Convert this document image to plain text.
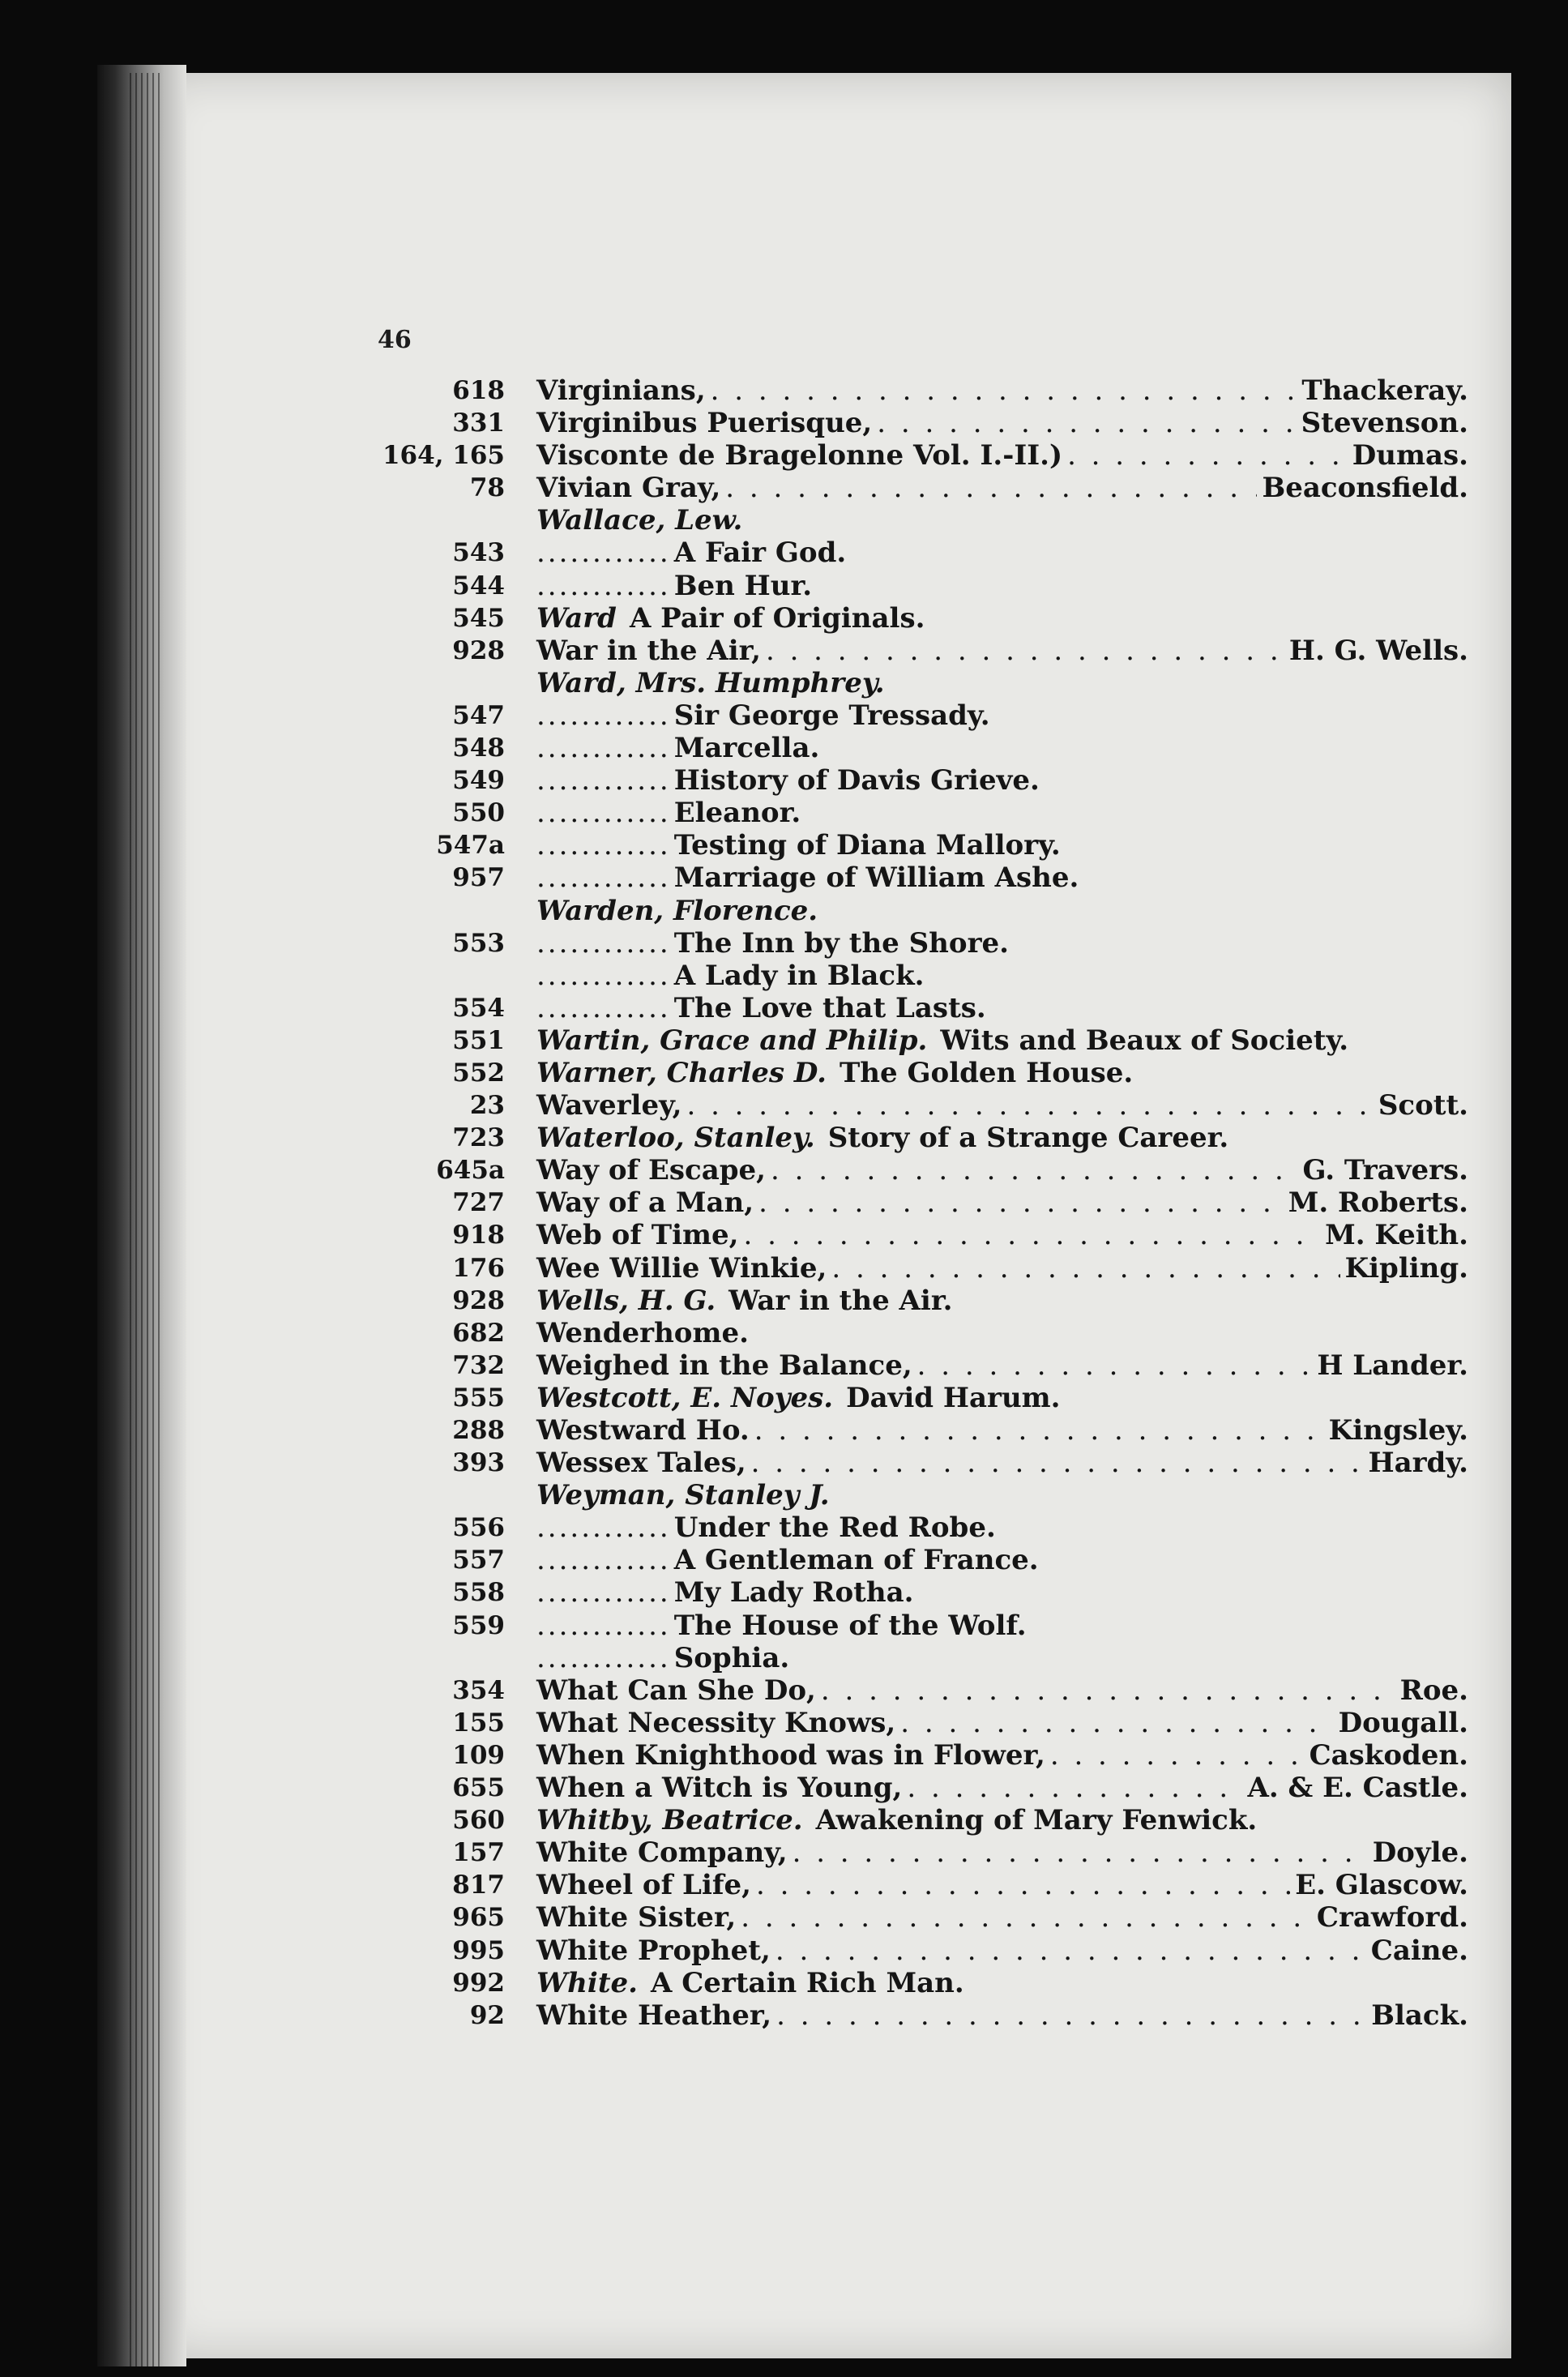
46
618 Virginians, . . .	Thackeray.
331 Virginibus Puerisque, . . .	Stevenson.
164, 165 Visconte de Bragelonne Vol. I.-II.) . . .	Dumas.
78 Vivian Gray, . . .	Beaconsfield.
Wallace, Lew.
543 ............ A Fair God.
544 ............ Ben Hur.
545 Ward A Pair of Originals.
928 War in the Air, . . .	H. G. Wells.
Ward, Mrs. Humphrey.
547 ............ Sir George Tressady.
548 ............ Marcella.
549 ............ History of Davis Grieve.
550 ............ Eleanor.
547a ............ Testing of Diana Mallory.
957 ............ Marriage of William Ashe.
Warden, Florence.
553 ............ The Inn by the Shore.
............ A Lady in Black.
554 ............ The Love that Lasts.
551 Wartin, Grace and Philip. Wits and Beaux of Society.
552 Warner, Charles D. The Golden House.
23 Waverley, . . .	Scott.
723 Waterloo, Stanley. Story of a Strange Career.
645a Way of Escape, . . .	G. Travers.
727 Way of a Man, . . .	M. Roberts.
918 Web of Time, . . .	M. Keith.
176 Wee Willie Winkie, . . .	Kipling.
928 Wells, H. G. War in the Air.
682 Wenderhome.
732 Weighed in the Balance, . . .	H Lander.
555 Westcott, E. Noyes. David Harum.
288 Westward Ho. . . .	Kingsley.
393 Wessex Tales, . . .	Hardy.
Weyman, Stanley J.
556 ............ Under the Red Robe.
557 ............ A Gentleman of France.
558 ............ My Lady Rotha.
559 ............ The House of the Wolf.
............ Sophia.
354 What Can She Do, . . .	Roe.
155 What Necessity Knows, . . .	Dougall.
109 When Knighthood was in Flower, . . .	Caskoden.
655 When a Witch is Young, . . .	A. & E. Castle.
560 Whitby, Beatrice. Awakening of Mary Fenwick.
157 White Company, . . .	Doyle.
817 Wheel of Life, . . .	E. Glascow.
965 White Sister, . . .	Crawford.
995 White Prophet, . . .	Caine.
992 White. A Certain Rich Man.
92 White Heather, . . .	Black.
